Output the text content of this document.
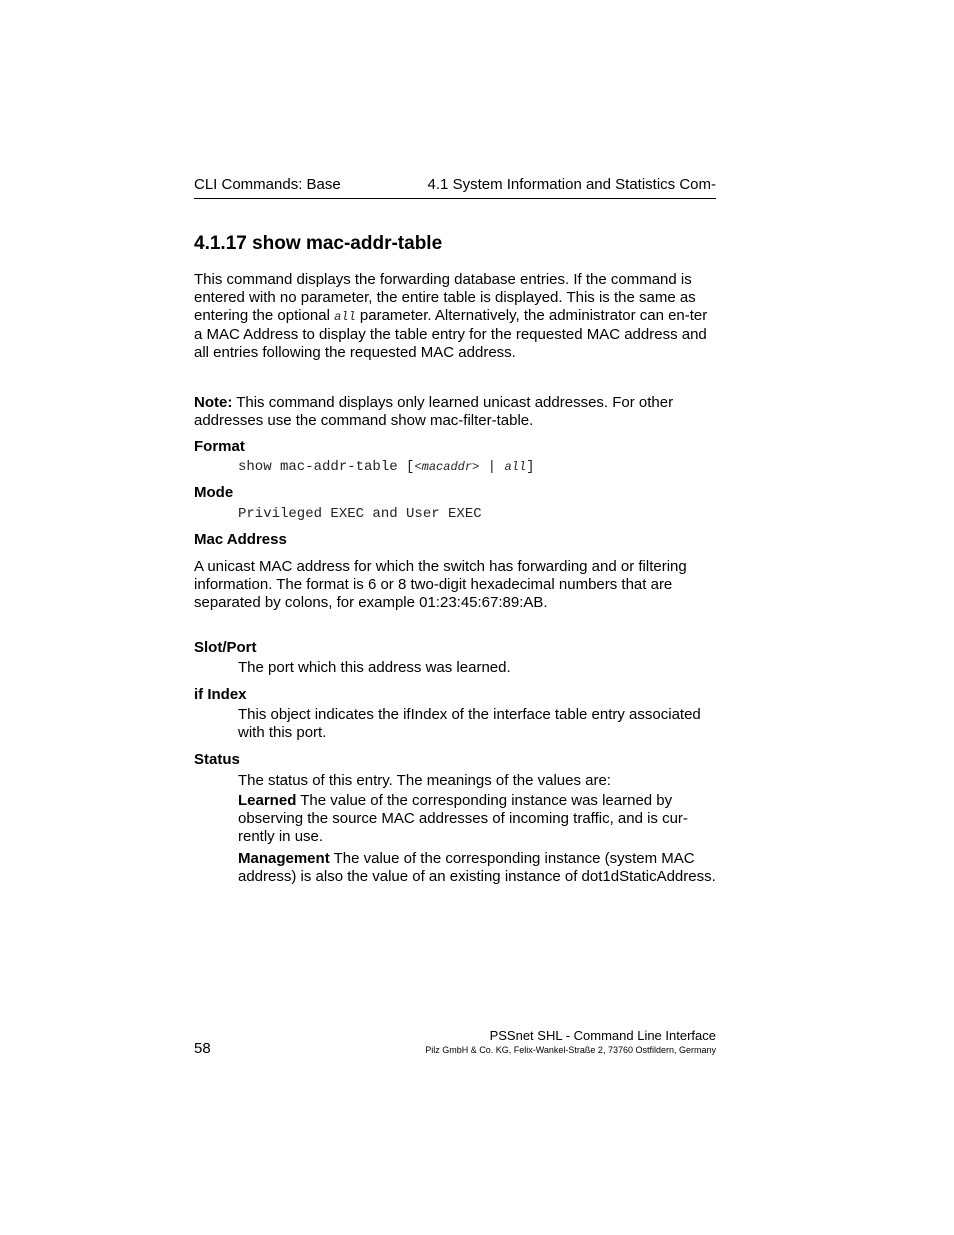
CLI Commands: Base	4.1 System Information and Statistics Com-
4.1.17 show mac-addr-table

This command displays the forwarding database entries. If the command is entered with no parameter, the entire table is displayed. This is the same as entering the optional all parameter. Alternatively, the administrator can en-ter a MAC Address to display the table entry for the requested MAC address and all entries following the requested MAC address.

Note: This command displays only learned unicast addresses. For other addresses use the command show mac-filter-table.

Format
show mac-addr-table [<macaddr> | all]
Mode
Privileged EXEC and User EXEC
Mac Address

A unicast MAC address for which the switch has forwarding and or filtering information. The format is 6 or 8 two-digit hexadecimal numbers that are separated by colons, for example 01:23:45:67:89:AB.

Slot/Port

The port which this address was learned.

if Index

This object indicates the ifIndex of the interface table entry associated with this port.

Status

The status of this entry. The meanings of the values are:

Learned The value of the corresponding instance was learned by observing the source MAC addresses of incoming traffic, and is cur-rently in use.

Management The value of the corresponding instance (system MAC address) is also the value of an existing instance of dot1dStaticAddress.

58
PSSnet SHL - Command Line Interface
Pilz GmbH & Co. KG, Felix-Wankel-Straße 2, 73760 Ostfildern, Germany
